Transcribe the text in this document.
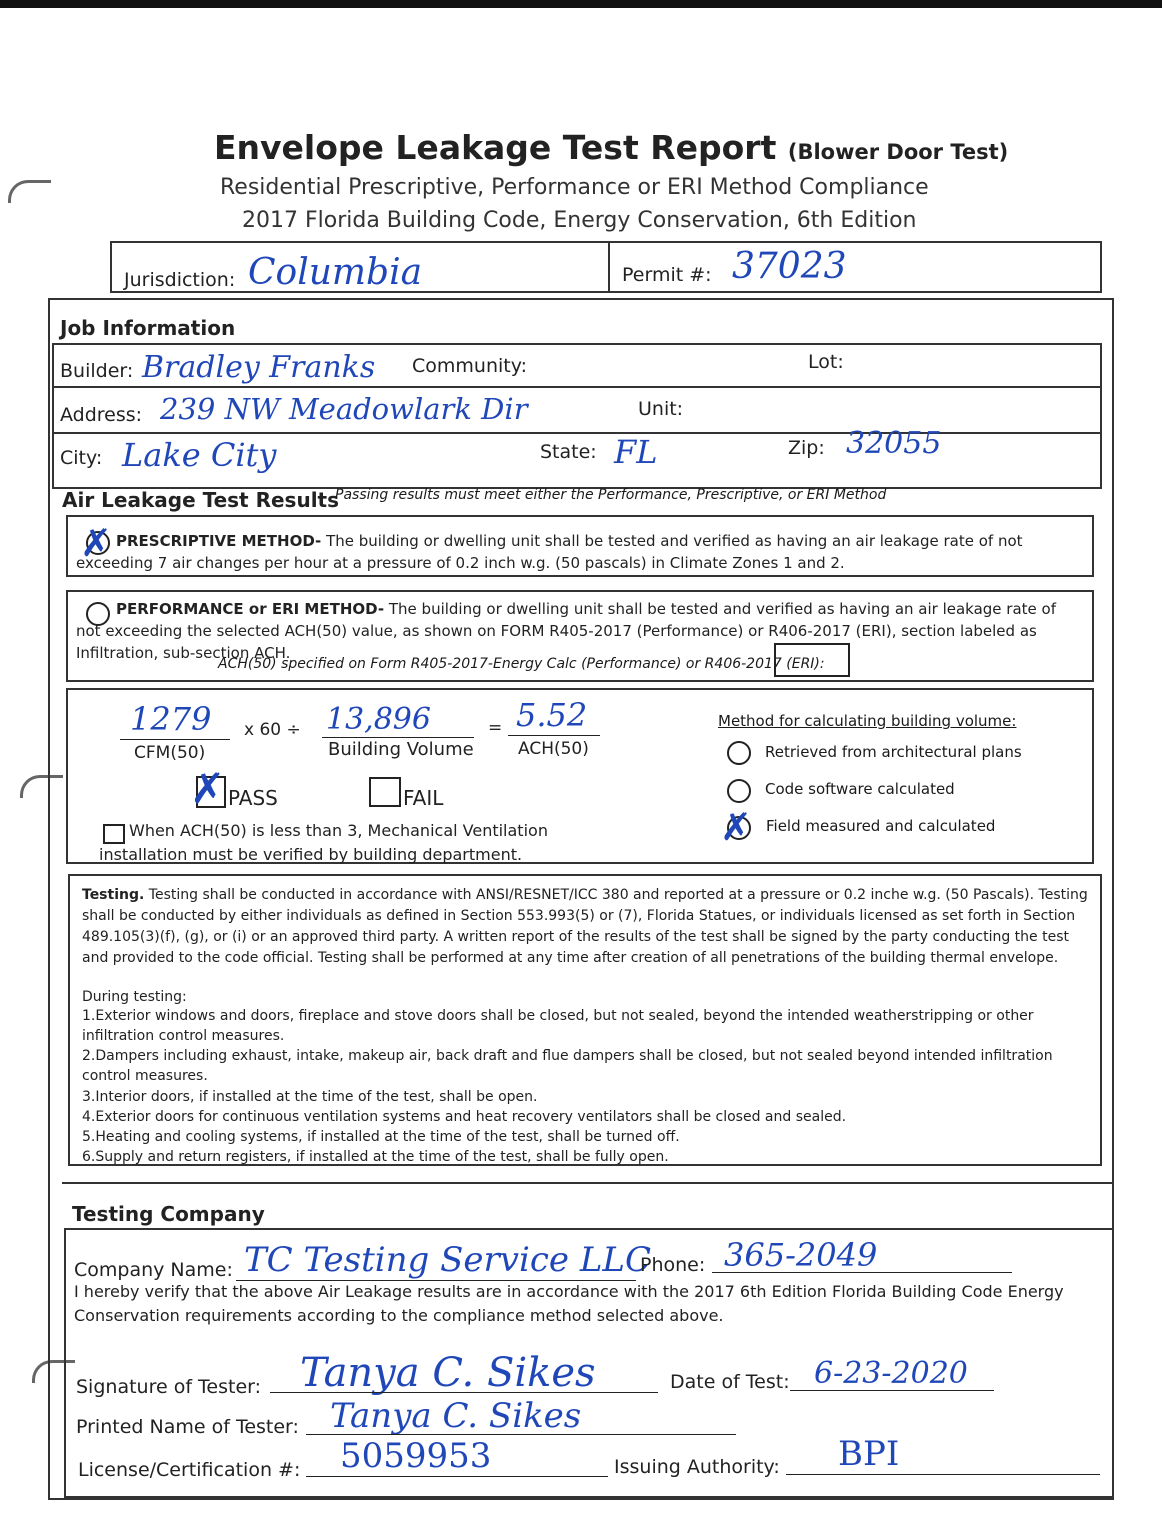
Envelope Leakage Test Report (Blower Door Test)
Residential Prescriptive, Performance or ERI Method Compliance
2017 Florida Building Code, Energy Conservation, 6th Edition
Jurisdiction: Columbia	Permit #: 37023
Job Information
Builder: Bradley Franks Community:	Lot:
Address: 239 NW Meadowlark Dir	Unit:
City: Lake City	State: FL	Zip: 32055
Air Leakage Test Results
Passing results must meet either the Performance, Prescriptive, or ERI Method
✗ PRESCRIPTIVE METHOD- The building or dwelling unit shall be tested and verified as having an air leakage rate of not exceeding 7 air changes per hour at a pressure of 0.2 inch w.g. (50 pascals) in Climate Zones 1 and 2.
PERFORMANCE or ERI METHOD- The building or dwelling unit shall be tested and verified as having an air leakage rate of not exceeding the selected ACH(50) value, as shown on FORM R405-2017 (Performance) or R406-2017 (ERI), section labeled as Infiltration, sub-section ACH.
ACH(50) specified on Form R405-2017-Energy Calc (Performance) or R406-2017 (ERI):
1279
CFM(50)
x 60 ÷ 13,896
Building Volume
= 5.52
ACH(50)
✗ PASS	FAIL
When ACH(50) is less than 3, Mechanical Ventilation installation must be verified by building department.
Method for calculating building volume:
Retrieved from architectural plans
Code software calculated
✗ Field measured and calculated
Testing. Testing shall be conducted in accordance with ANSI/RESNET/ICC 380 and reported at a pressure or 0.2 inche w.g. (50 Pascals). Testing shall be conducted by either individuals as defined in Section 553.993(5) or (7), Florida Statues, or individuals licensed as set forth in Section 489.105(3)(f), (g), or (i) or an approved third party. A written report of the results of the test shall be signed by the party conducting the test and provided to the code official. Testing shall be performed at any time after creation of all penetrations of the building thermal envelope.
During testing:
1.Exterior windows and doors, fireplace and stove doors shall be closed, but not sealed, beyond the intended weatherstripping or other infiltration control measures.
2.Dampers including exhaust, intake, makeup air, back draft and flue dampers shall be closed, but not sealed beyond intended infiltration control measures.
3.Interior doors, if installed at the time of the test, shall be open.
4.Exterior doors for continuous ventilation systems and heat recovery ventilators shall be closed and sealed.
5.Heating and cooling systems, if installed at the time of the test, shall be turned off.
6.Supply and return registers, if installed at the time of the test, shall be fully open.
Testing Company
Company Name: TC Testing Service LLC
Phone: 365-2049
I hereby verify that the above Air Leakage results are in accordance with the 2017 6th Edition Florida Building Code Energy Conservation requirements according to the compliance method selected above.
Signature of Tester: Tanya C. Sikes	Date of Test: 6-23-2020
Printed Name of Tester: Tanya C. Sikes
License/Certification #: 5059953	Issuing Authority: BPI
